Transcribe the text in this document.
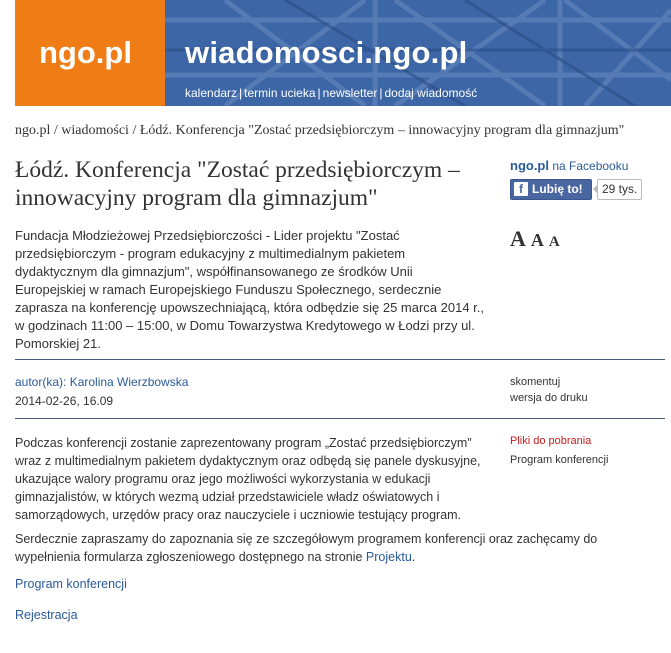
ngo.pl wiadomosci.ngo.pl
kalendarz | termin ucieka | newsletter | dodaj wiadomość
ngo.pl / wiadomości / Łódź. Konferencja "Zostać przedsiębiorczym – innowacyjny program dla gimnazjum"
Łódź. Konferencja "Zostać przedsiębiorczym – innowacyjny program dla gimnazjum"
Fundacja Młodzieżowej Przedsiębiorczości - Lider projektu "Zostać przedsiębiorczym - program edukacyjny z multimedialnym pakietem dydaktycznym dla gimnazjum", współfinansowanego ze środków Unii Europejskiej w ramach Europejskiego Funduszu Społecznego, serdecznie zaprasza na konferencję upowszechniającą, która odbędzie się 25 marca 2014 r., w godzinach 11:00 – 15:00, w Domu Towarzystwa Kredytowego w Łodzi przy ul. Pomorskiej 21.
ngo.pl na Facebooku
f Lubię to!	29 tys.
A A A
autor(ka): Karolina Wierzbowska
2014-02-26, 16.09
skomentuj
wersja do druku

Podczas konferencji zostanie zaprezentowany program „Zostać przedsiębiorczym" wraz z multimedialnym pakietem dydaktycznym oraz odbędą się panele dyskusyjne, ukazujące walory programu oraz jego możliwości wykorzystania w edukacji gimnazjalistów, w których wezmą udział przedstawiciele władz oświatowych i samorządowych, urzędów pracy oraz nauczyciele i uczniowie testujący program.

Pliki do pobrania
Program konferencji

Serdecznie zapraszamy do zapoznania się ze szczegółowym programem konferencji oraz zachęcamy do wypełnienia formularza zgłoszeniowego dostępnego na stronie Projektu.

Program konferencji
Rejestracja
